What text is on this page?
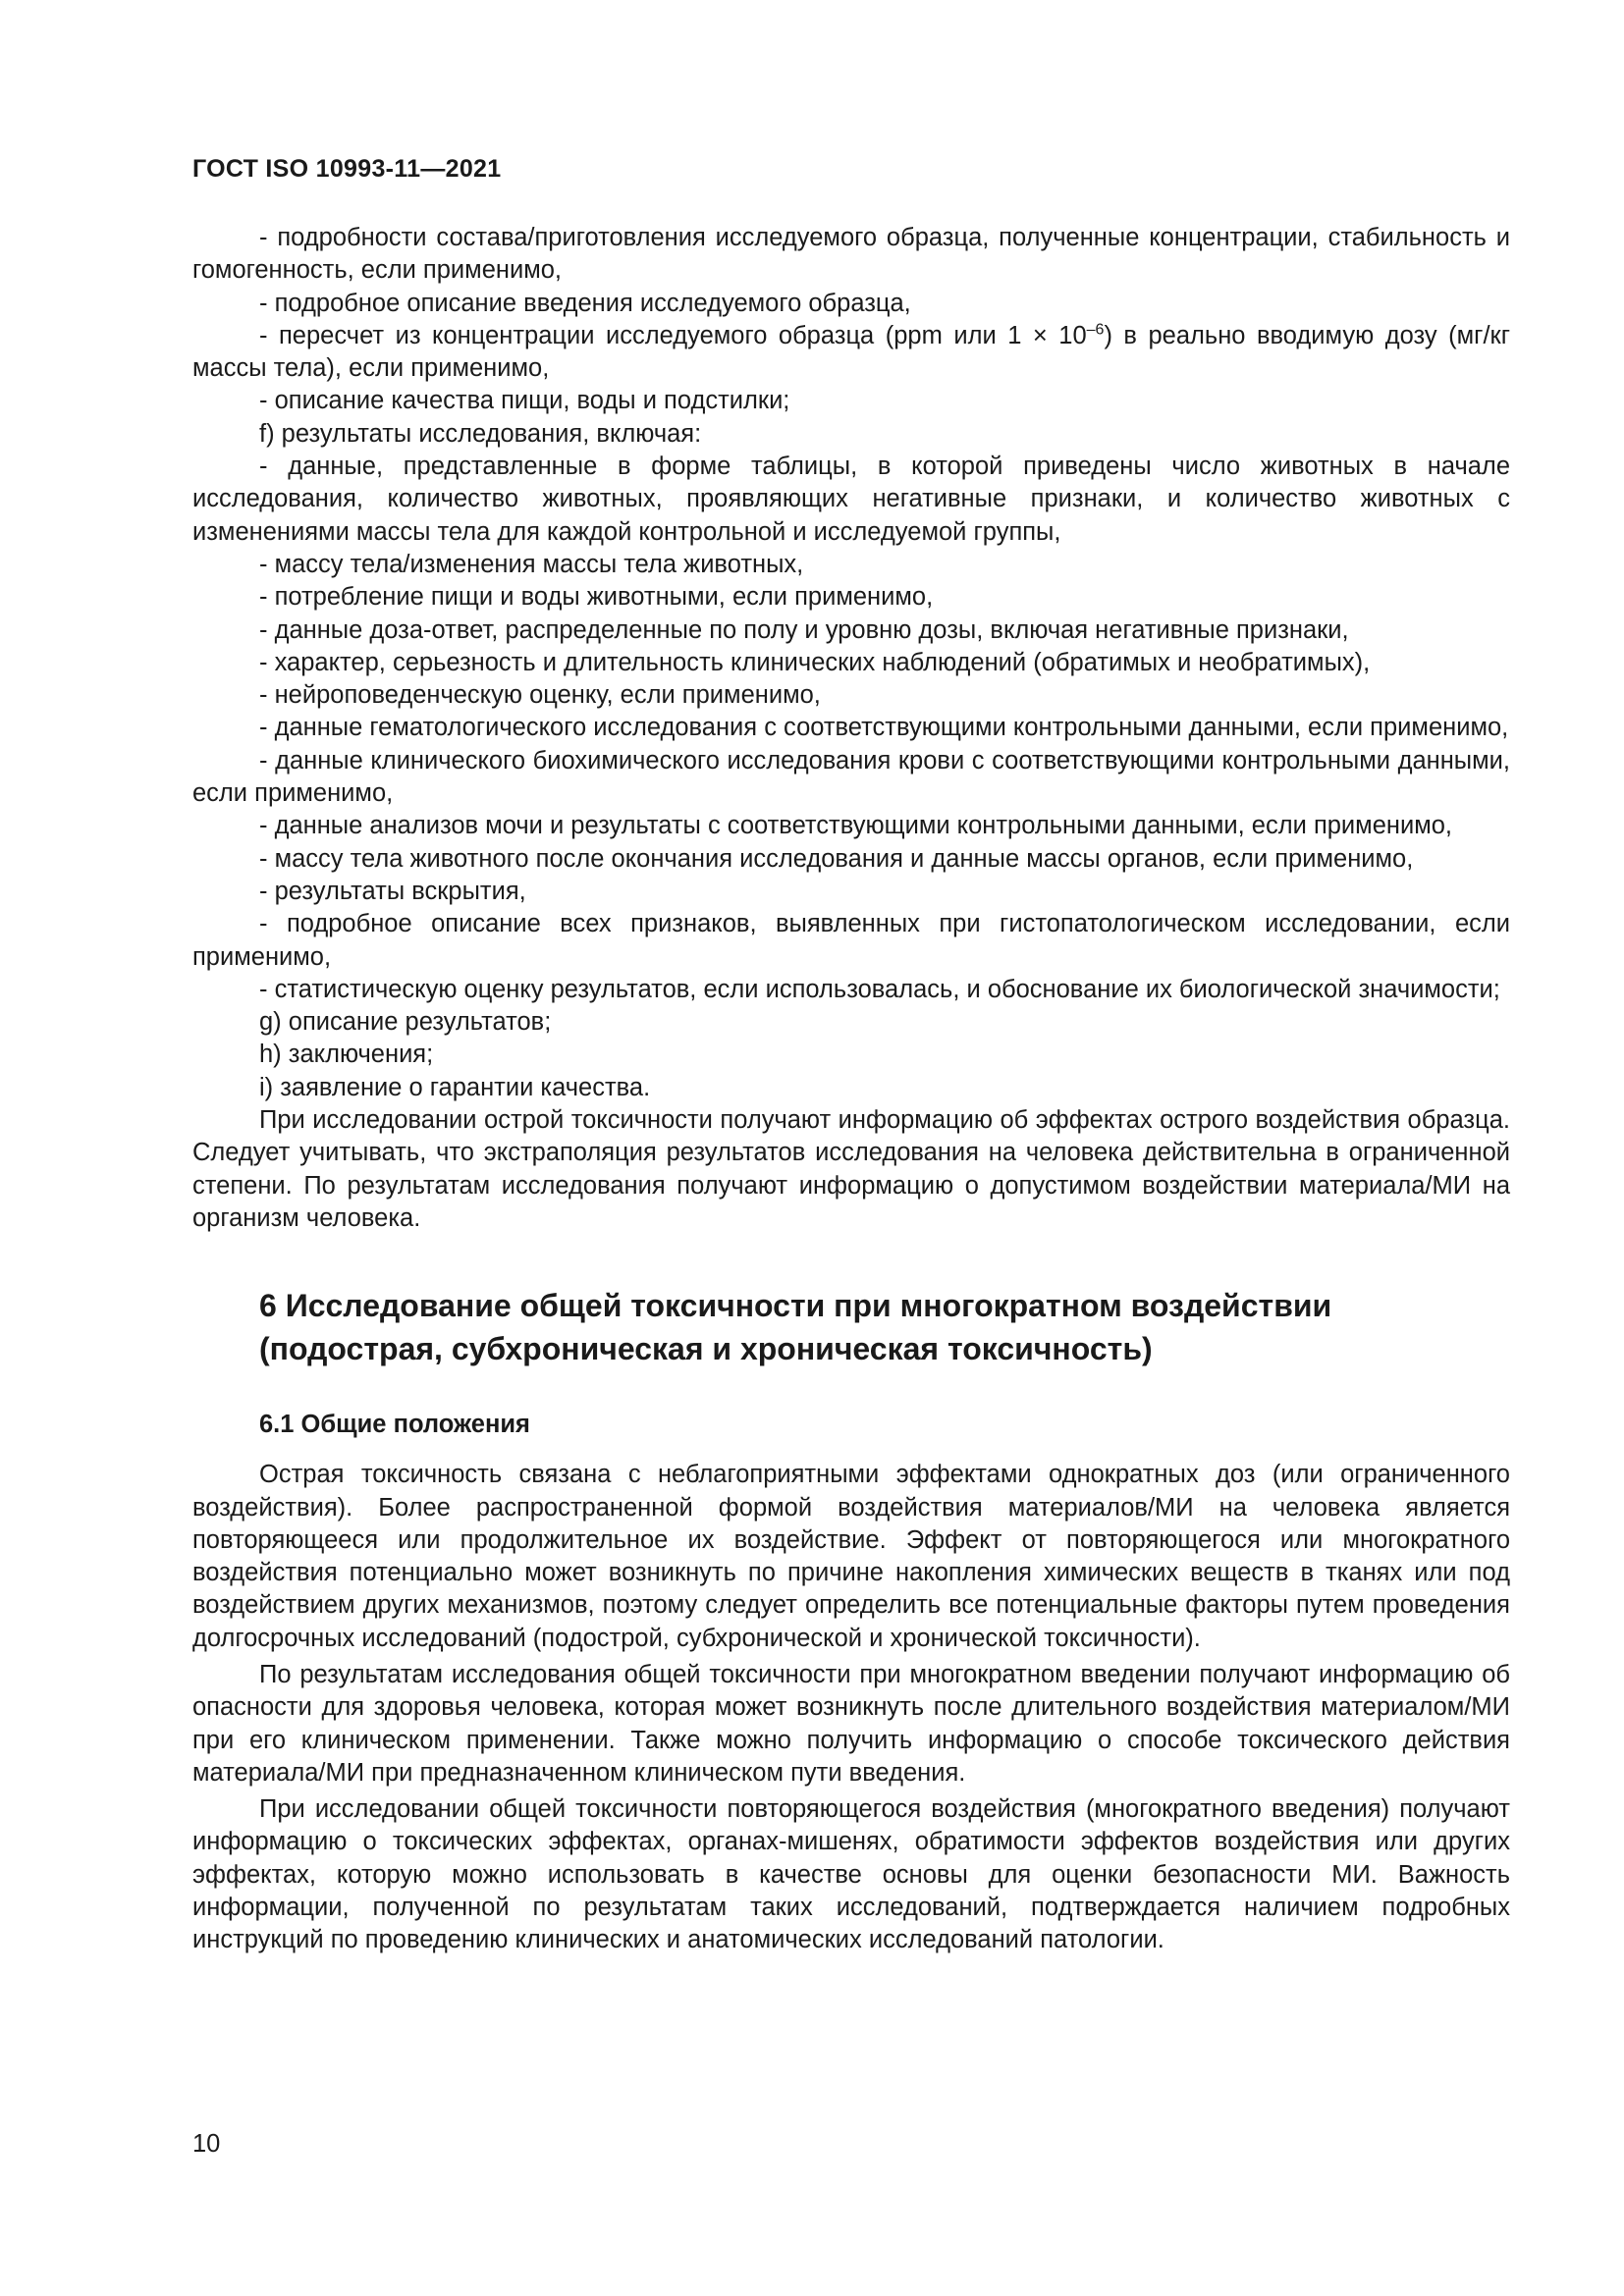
ГОСТ ISO 10993-11—2021

- подробности состава/приготовления исследуемого образца, полученные концентрации, стабильность и гомогенность, если применимо,

- подробное описание введения исследуемого образца,

- пересчет из концентрации исследуемого образца (ppm или $1 \times 10^{-6}$) в реально вводимую дозу (мг/кг массы тела), если применимо,

- описание качества пищи, воды и подстилки;

f) результаты исследования, включая:

- данные, представленные в форме таблицы, в которой приведены число животных в начале исследования, количество животных, проявляющих негативные признаки, и количество животных с изменениями массы тела для каждой контрольной и исследуемой группы,

- массу тела/изменения массы тела животных,

- потребление пищи и воды животными, если применимо,

- данные доза-ответ, распределенные по полу и уровню дозы, включая негативные признаки,

- характер, серьезность и длительность клинических наблюдений (обратимых и необратимых),

- нейроповеденческую оценку, если применимо,

- данные гематологического исследования с соответствующими контрольными данными, если применимо,

- данные клинического биохимического исследования крови с соответствующими контрольными данными, если применимо,

- данные анализов мочи и результаты с соответствующими контрольными данными, если применимо,

- массу тела животного после окончания исследования и данные массы органов, если применимо,

- результаты вскрытия,

- подробное описание всех признаков, выявленных при гистопатологическом исследовании, если применимо,

- статистическую оценку результатов, если использовалась, и обоснование их биологической значимости;

g) описание результатов;

h) заключения;

i) заявление о гарантии качества.

При исследовании острой токсичности получают информацию об эффектах острого воздействия образца. Следует учитывать, что экстраполяция результатов исследования на человека действительна в ограниченной степени. По результатам исследования получают информацию о допустимом воздействии материала/МИ на организм человека.

6 Исследование общей токсичности при многократном воздействии
(подострая, субхроническая и хроническая токсичность)
6.1 Общие положения

Острая токсичность связана с неблагоприятными эффектами однократных доз (или ограниченного воздействия). Более распространенной формой воздействия материалов/МИ на человека является повторяющееся или продолжительное их воздействие. Эффект от повторяющегося или многократного воздействия потенциально может возникнуть по причине накопления химических веществ в тканях или под воздействием других механизмов, поэтому следует определить все потенциальные факторы путем проведения долгосрочных исследований (подострой, субхронической и хронической токсичности).

По результатам исследования общей токсичности при многократном введении получают информацию об опасности для здоровья человека, которая может возникнуть после длительного воздействия материалом/МИ при его клиническом применении. Также можно получить информацию о способе токсического действия материала/МИ при предназначенном клиническом пути введения.

При исследовании общей токсичности повторяющегося воздействия (многократного введения) получают информацию о токсических эффектах, органах-мишенях, обратимости эффектов воздействия или других эффектах, которую можно использовать в качестве основы для оценки безопасности МИ. Важность информации, полученной по результатам таких исследований, подтверждается наличием подробных инструкций по проведению клинических и анатомических исследований патологии.

10
